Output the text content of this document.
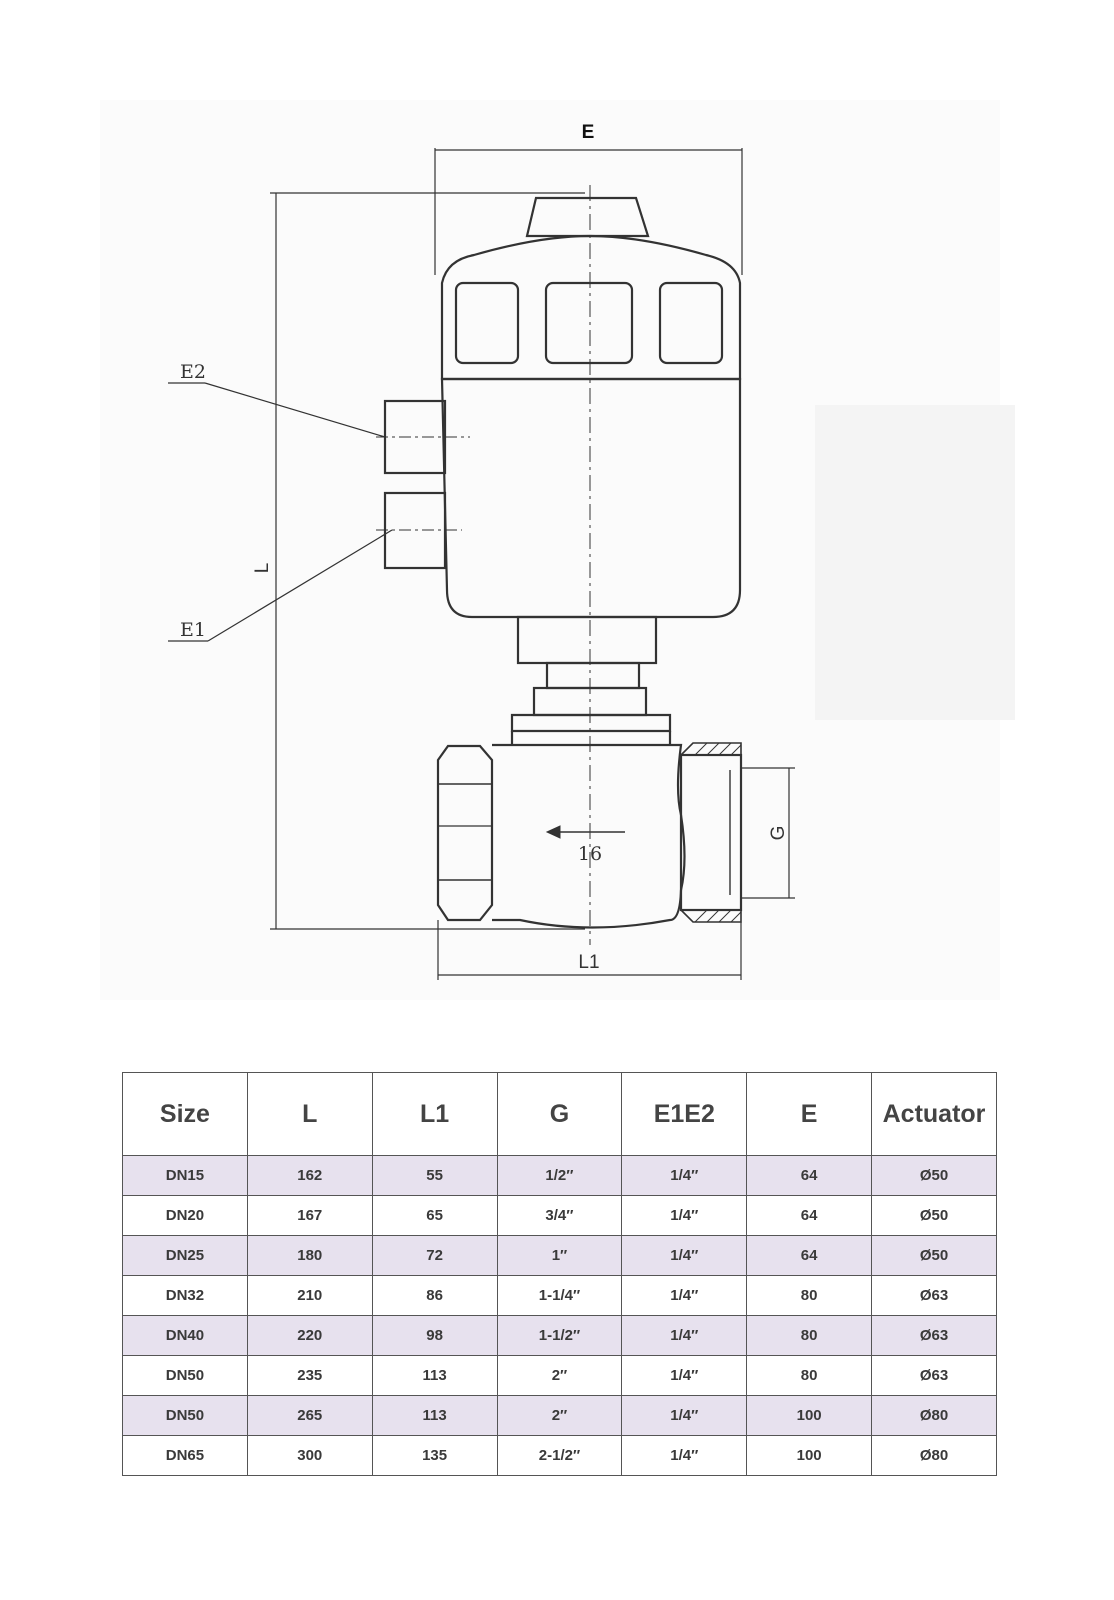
E
E2
E1
L
G
L1
16
Size	L	L1	G	E1E2	E	Actuator
DN15	162	55	1/2″	1/4″	64	Ø50
DN20	167	65	3/4″	1/4″	64	Ø50
DN25	180	72	1″	1/4″	64	Ø50
DN32	210	86	1-1/4″	1/4″	80	Ø63
DN40	220	98	1-1/2″	1/4″	80	Ø63
DN50	235	113	2″	1/4″	80	Ø63
DN50	265	113	2″	1/4″	100	Ø80
DN65	300	135	2-1/2″	1/4″	100	Ø80
